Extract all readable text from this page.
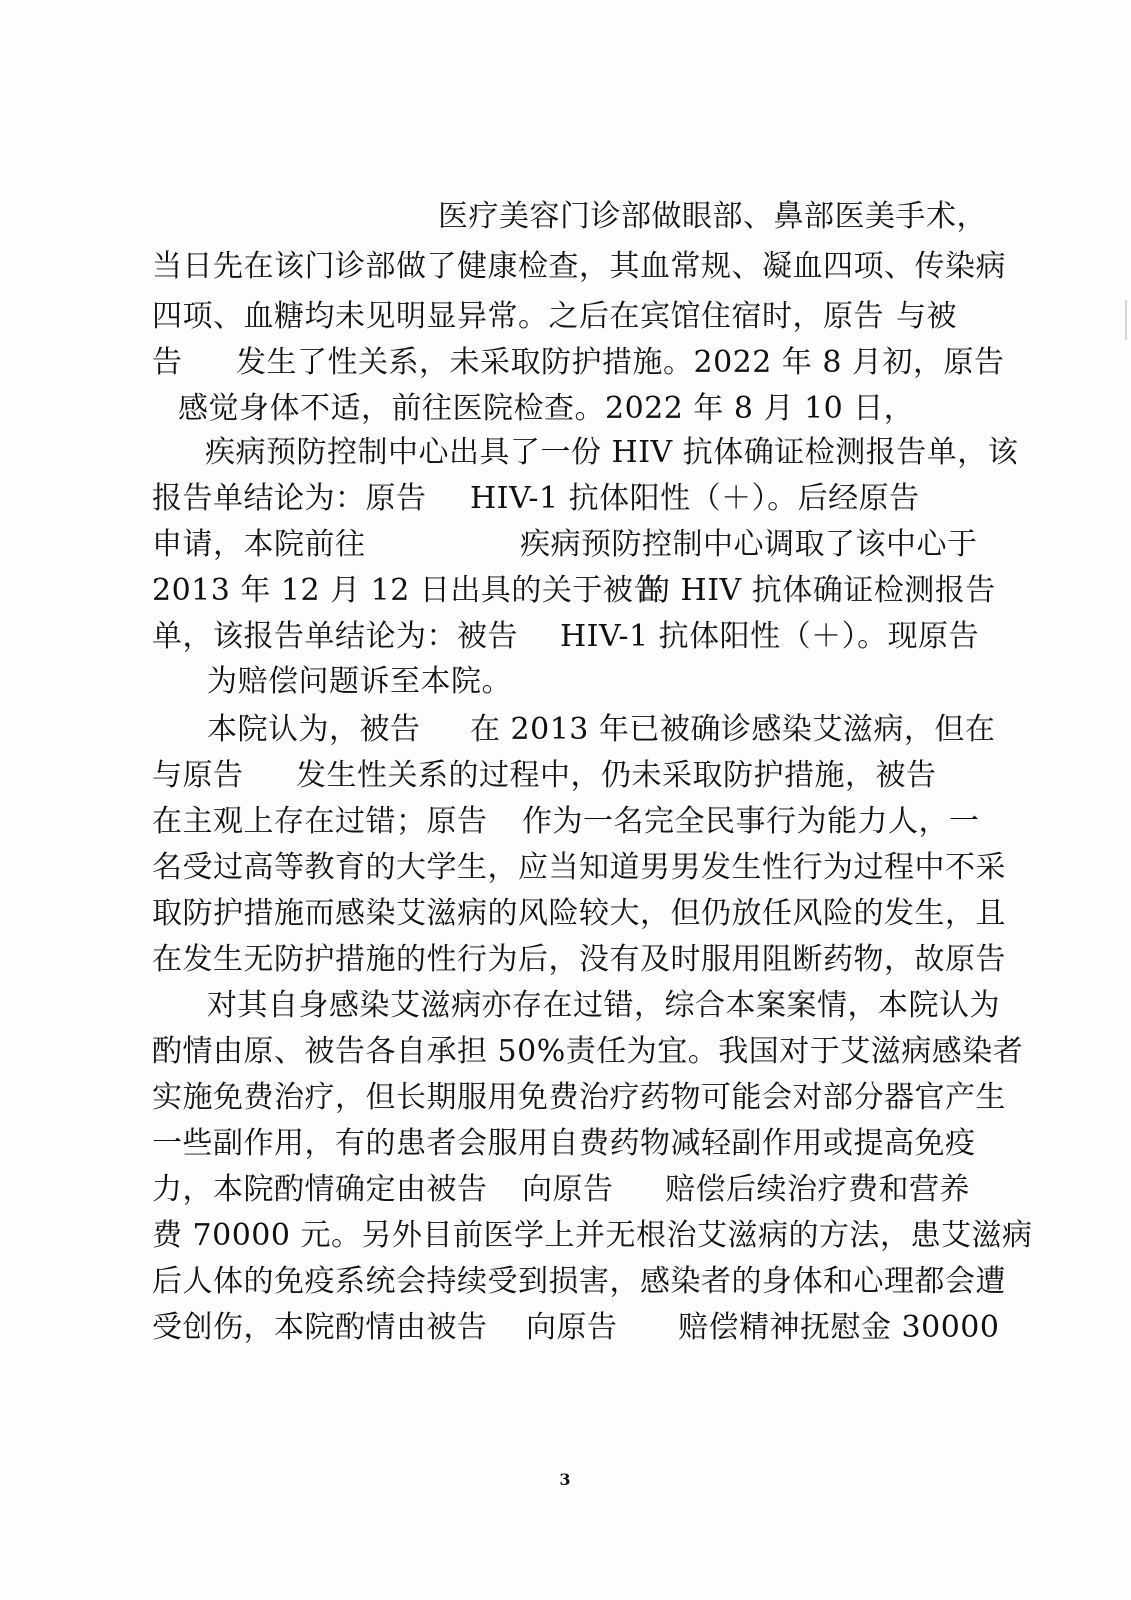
医疗美容门诊部做眼部、鼻部医美手术，

当日先在该门诊部做了健康检查，其血常规、凝血四项、传染病

四项、血糖均未见明显异常。之后在宾馆住宿时，原告

与被

告

发生了性关系，未采取防护措施。2022 年 8 月初，原告

感觉身体不适，前往医院检查。2022 年 8 月 10 日，

疾病预防控制中心出具了一份 HIV 抗体确证检测报告单，该

报告单结论为：原告

HIV-1 抗体阳性（＋）。后经原告

申请，本院前往

	疾病预防控制中心调取了该中心于

2013 年 12 月 12 日出具的关于被告

的 HIV 抗体确证检测报告

单，该报告单结论为：被告

HIV-1 抗体阳性（＋）。现原告

为赔偿问题诉至本院。

本院认为，被告

在 2013 年已被确诊感染艾滋病，但在

与原告

发生性关系的过程中，仍未采取防护措施，被告

在主观上存在过错；原告

作为一名完全民事行为能力人，一

名受过高等教育的大学生，应当知道男男发生性行为过程中不采

取防护措施而感染艾滋病的风险较大，但仍放任风险的发生，且

在发生无防护措施的性行为后，没有及时服用阻断药物，故原告

对其自身感染艾滋病亦存在过错，综合本案案情，本院认为

酌情由原、被告各自承担 50%责任为宜。我国对于艾滋病感染者

实施免费治疗，但长期服用免费治疗药物可能会对部分器官产生

一些副作用，有的患者会服用自费药物减轻副作用或提高免疫

力，本院酌情确定由被告

向原告

赔偿后续治疗费和营养

费 70000 元。另外目前医学上并无根治艾滋病的方法，患艾滋病

后人体的免疫系统会持续受到损害，感染者的身体和心理都会遭

受创伤，本院酌情由被告

向原告

赔偿精神抚慰金 30000

3
